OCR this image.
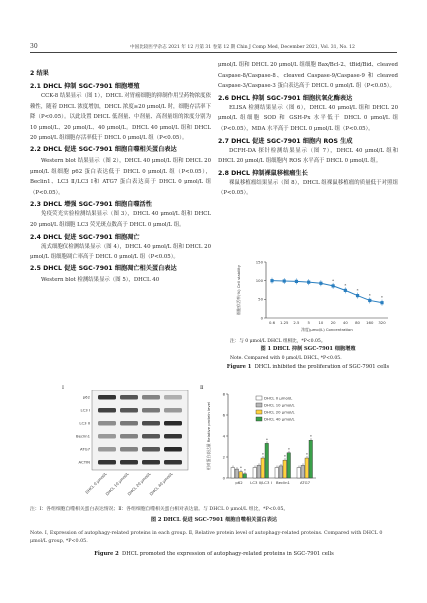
30	中国比较医学杂志 2021 年 12 月第 31 卷第 12 期 Chin J Comp Med, December 2021, Vol. 31, No. 12
2 结果
2.1 DHCL 抑制 SGC-7901 细胞增殖
CCK-8 结果显示（图 1），DHCL 对胃癌细胞的抑制作用呈药物浓度依赖性，随着 DHCL 浓度增加，DHCL 浓度≥20 μmol/L 时，细胞存活率下降（P<0.05）。以此设置 DHCL 低剂量、中剂量、高剂量组的浓度分别为 10 μmol/L、20 μmol/L、40 μmol/L。DHCL 40 μmol/L 组和 DHCL 20 μmol/L 组细胞存活率低于 DHCL 0 μmol/L 组（P<0.05）。
2.2 DHCL 促进 SGC-7901 细胞自噬相关蛋白表达
Western blot 结果显示（图 2），DHCL 40 μmol/L 组和 DHCL 20 μmol/L 组细胞 p62 蛋白表达低于 DHCL 0 μmol/L 组（P<0.05），Beclin1、LC3 Ⅱ/LC3 Ⅰ和 ATG7 蛋白表达高于 DHCL 0 μmol/L 组（P<0.05）。
2.3 DHCL 增强 SGC-7901 细胞自噬活性
免疫荧光实验检测结果显示（图 3），DHCL 40 μmol/L 组和 DHCL 20 μmol/L 组细胞 LC3 荧光斑点数高于 DHCL 0 μmol/L 组。
2.4 DHCL 促进 SGC-7901 细胞凋亡
流式细胞仪检测结果显示（图 4），DHCL 40 μmol/L 组和 DHCL 20 μmol/L 组细胞凋亡率高于 DHCL 0 μmol/L 组（P<0.05）。
2.5 DHCL 促进 SGC-7901 细胞凋亡相关蛋白表达
Western blot 检测结果显示（图 5），DHCL 40
μmol/L 组和 DHCL 20 μmol/L 组细胞 Bax/Bcl-2、tBid/Bid、cleaved Caspase-8/Caspase-8、cleaved Caspase-9/Caspase-9 和 cleaved Caspase-3/Caspase-3 蛋白表达高于 DHCL 0 μmol/L 组（P<0.05）。
2.6 DHCL 抑制 SGC-7901 细胞抗氧化酶表达
ELISA 检测结果显示（图 6），DHCL 40 μmol/L 组和 DHCL 20 μmol/L 组细胞 SOD 和 GSH-Px 水平低于 DHCL 0 μmol/L 组（P<0.05），MDA 水平高于 DHCL 0 μmol/L 组（P<0.05）。
2.7 DHCL 促进 SGC-7901 细胞内 ROS 生成
DCFH-DA 探针检测结果显示（图 7），DHCL 40 μmol/L 组和 DHCL 20 μmol/L 组细胞内 ROS 水平高于 DHCL 0 μmol/L 组。
2.8 DHCL 抑制裸鼠移植瘤生长
裸鼠移植瘤结果显示（图 8），DHCL 组裸鼠移植瘤的质量低于对照组（P<0.05）。
0
50
100
150
0.6 1.25 2.5 5 10 20 40 80 160 320
*
*
*
*	*
浓度(μmol/L) Concentration
细胞存活率(%) Cell viability
注：与 0 μmol/L DHCL 组相比，*P<0.05。
图 1 DHCL 抑制 SGC-7901 细胞增殖
Note. Compared with 0 μmol/L DHCL, *P<0.05.
Figure 1 DHCL inhibited the proliferation of SGC-7901 cells
Ⅰ	Ⅱ
p62
LC3 I
LC3 II
Beclin1
ATG7
ACTIN
DHCL 0 μmol/L
DHCL 10 μmol/L
DHCL 20 μmol/L
DHCL 40 μmol/L	0
2
4
6
8
* *
p62
*
*
LC3 II/LC3 I
*
*
Beclin1
*
*
ATG7
相对蛋白表达量 Relative protein level
DHCL 0 μmol/L
DHCL 10 μmol/L
DHCL 20 μmol/L
DHCL 40 μmol/L
注：Ⅰ：各组细胞自噬相关蛋白表达情况；Ⅱ：各组细胞自噬相关蛋白相对表达量。与 DHCL 0 μmol/L 组比，*P<0.05。
图 2 DHCL 促进 SGC-7901 细胞自噬相关蛋白表达
Note. Ⅰ, Expression of autophagy-related proteins in each group. Ⅱ, Relative protein level of autophagy-related proteins. Compared with DHCL 0 μmol/L group, *P<0.05.
Figure 2 DHCL promoted the expression of autophagy-related proteins in SGC-7901 cells
